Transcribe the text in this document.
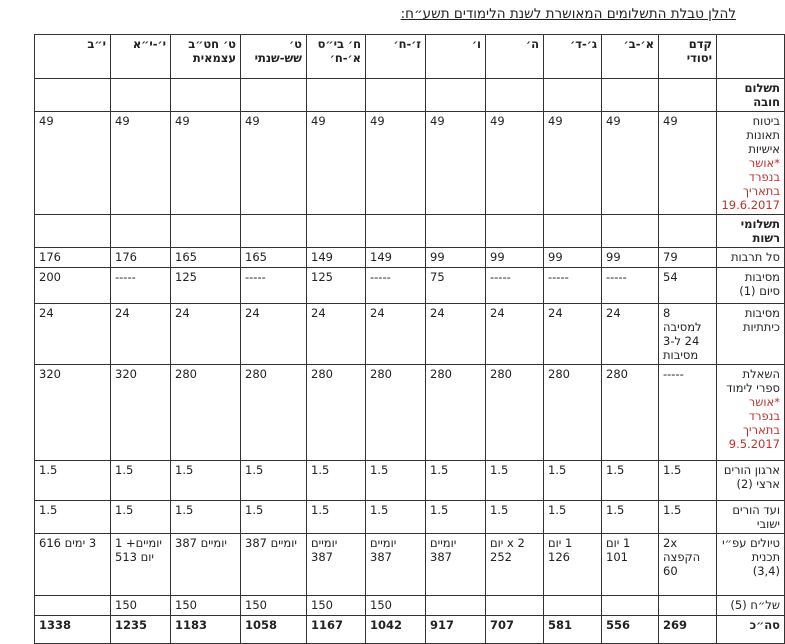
להלן טבלת התשלומים המאושרת לשנת הלימודים תשע״ח:
	קדם יסודי	א׳-ב׳	ג׳-ד׳	ה׳	ו׳	ז׳-ח׳	ח׳ בי״ס א׳-ח׳	ט׳ שש-שנתי	ט׳ חט״ב עצמאית	י׳-י״א	י״ב
תשלום חובה											
ביטוח תאונות אישיות
*אושר בנפרד בתאריך 19.6.2017	49	49	49	49	49	49	49	49	49	49	49
תשלומי רשות											
סל תרבות	79	99	99	99	99	149	149	165	165	176	176
מסיבות סיום (1)	54	-----	-----	-----	75	-----	125	-----	125	-----	200
מסיבות כיתתיות	8 למסיבה 24 ל-3 מסיבות	24	24	24	24	24	24	24	24	24	24
השאלת ספרי לימוד
*אושר בנפרד בתאריך 9.5.2017	-----	280	280	280	280	280	280	280	280	320	320
ארגון הורים ארצי (2)	1.5	1.5	1.5	1.5	1.5	1.5	1.5	1.5	1.5	1.5	1.5
ועד הורים ישובי	1.5	1.5	1.5	1.5	1.5	1.5	1.5	1.5	1.5	1.5	1.5
טיולים עפ״י תכנית (3,4)	2x הקפצה 60	1 יום 101	1 יום 126	2 x יום 252	יומיים 387	יומיים 387	יומיים 387	יומיים 387	יומיים 387	יומיים+ 1 יום 513	3 ימים 616
של״ח (5)						150	150	150	150	150	
סה״כ	269	556	581	707	917	1042	1167	1058	1183	1235	1338
